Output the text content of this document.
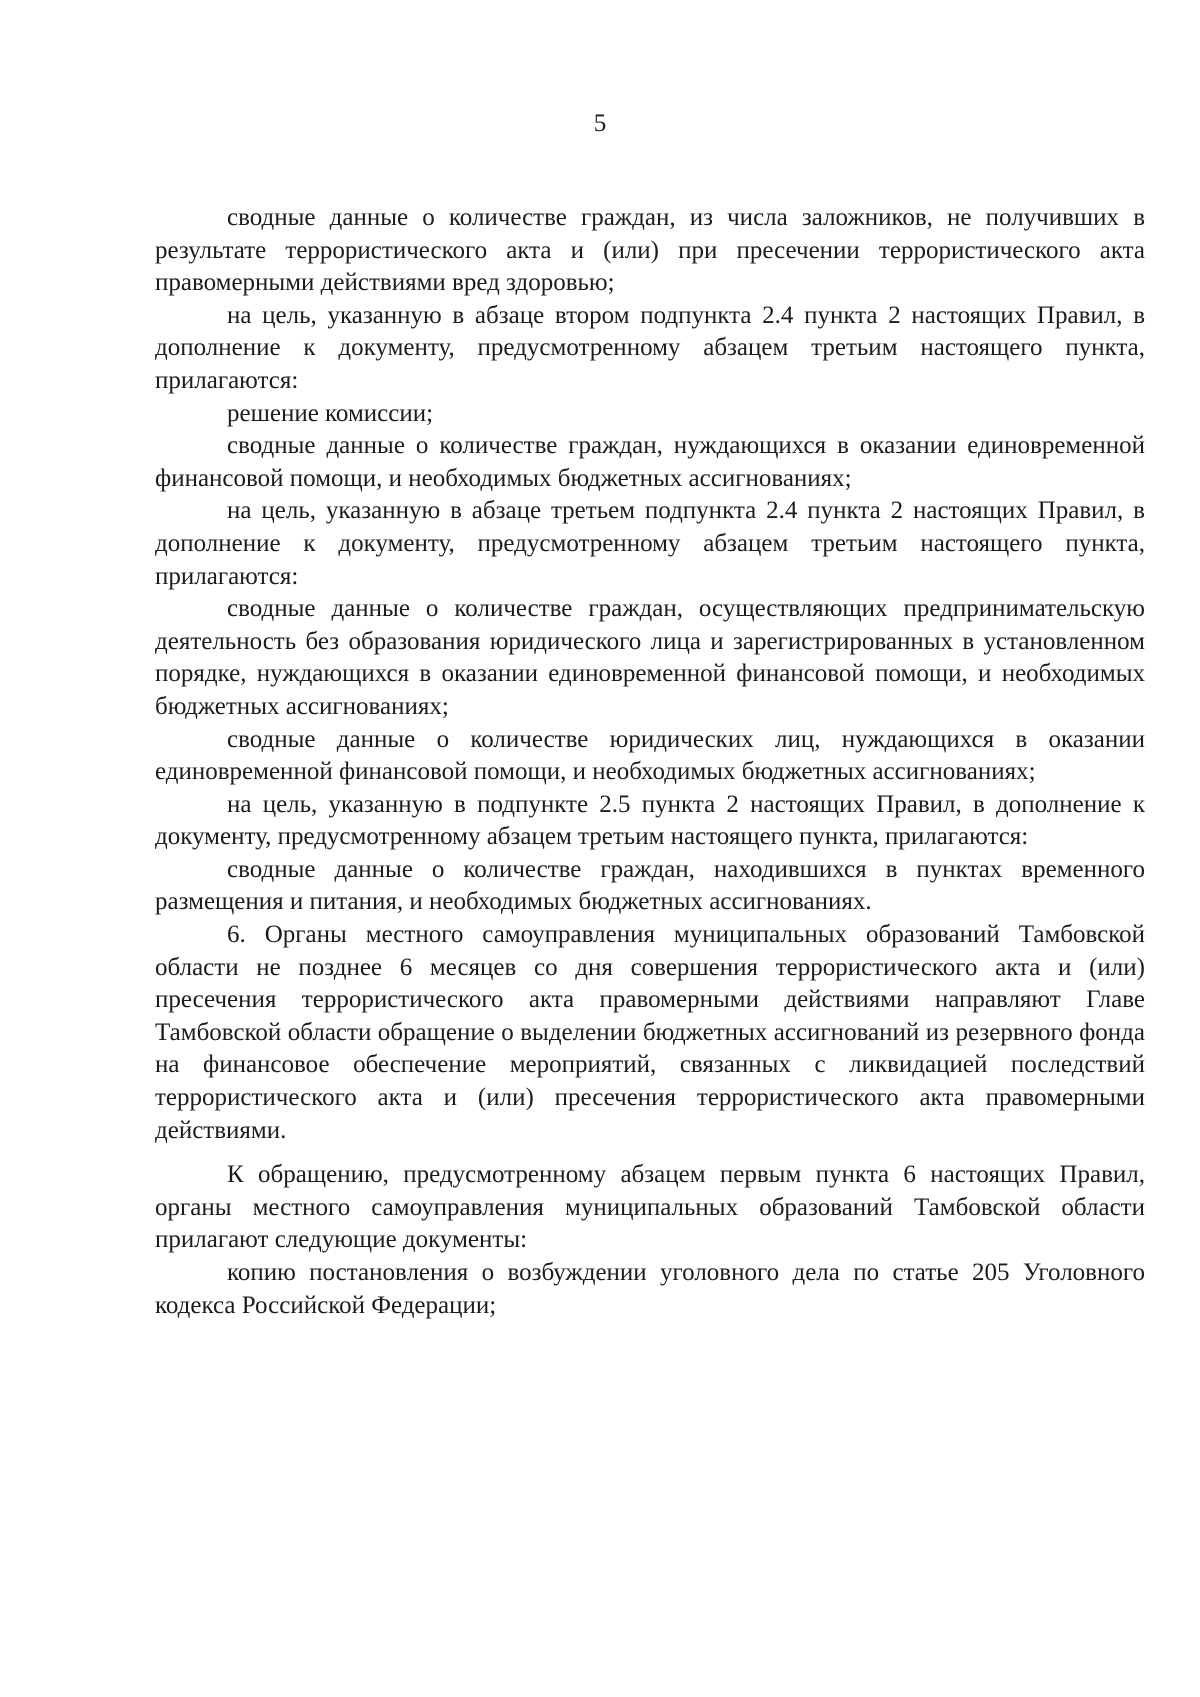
5

сводные данные о количестве граждан, из числа заложников, не получивших в результате террористического акта и (или) при пресечении террористического акта правомерными действиями вред здоровью;

на цель, указанную в абзаце втором подпункта 2.4 пункта 2 настоящих Правил, в дополнение к документу, предусмотренному абзацем третьим настоящего пункта, прилагаются:

решение комиссии;

сводные данные о количестве граждан, нуждающихся в оказании единовременной финансовой помощи, и необходимых бюджетных ассигнованиях;

на цель, указанную в абзаце третьем подпункта 2.4 пункта 2 настоящих Правил, в дополнение к документу, предусмотренному абзацем третьим настоящего пункта, прилагаются:

сводные данные о количестве граждан, осуществляющих предпринимательскую деятельность без образования юридического лица и зарегистрированных в установленном порядке, нуждающихся в оказании единовременной финансовой помощи, и необходимых бюджетных ассигнованиях;

сводные данные о количестве юридических лиц, нуждающихся в оказании единовременной финансовой помощи, и необходимых бюджетных ассигнованиях;

на цель, указанную в подпункте 2.5 пункта 2 настоящих Правил, в дополнение к документу, предусмотренному абзацем третьим настоящего пункта, прилагаются:

сводные данные о количестве граждан, находившихся в пунктах временного размещения и питания, и необходимых бюджетных ассигнованиях.

6. Органы местного самоуправления муниципальных образований Тамбовской области не позднее 6 месяцев со дня совершения террористического акта и (или) пресечения террористического акта правомерными действиями направляют Главе Тамбовской области обращение о выделении бюджетных ассигнований из резервного фонда на финансовое обеспечение мероприятий, связанных с ликвидацией последствий террористического акта и (или) пресечения террористического акта правомерными действиями.

К обращению, предусмотренному абзацем первым пункта 6 настоящих Правил, органы местного самоуправления муниципальных образований Тамбовской области прилагают следующие документы:

копию постановления о возбуждении уголовного дела по статье 205 Уголовного кодекса Российской Федерации;
